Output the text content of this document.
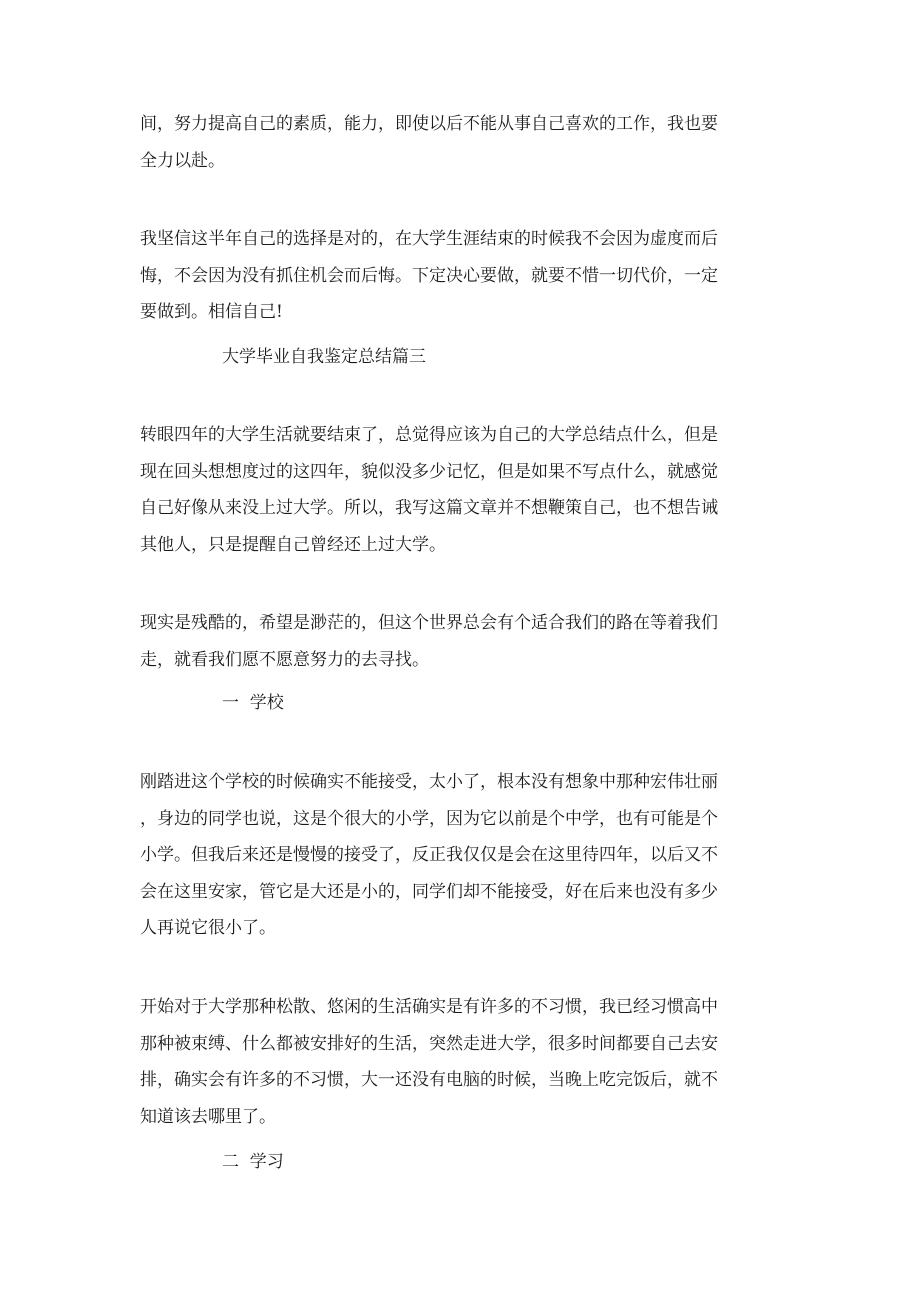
间，努力提高自己的素质，能力，即使以后不能从事自己喜欢的工作，我也要
全力以赴。

我坚信这半年自己的选择是对的，在大学生涯结束的时候我不会因为虚度而后
悔，不会因为没有抓住机会而后悔。下定决心要做，就要不惜一切代价，一定
要做到。相信自己!

大学毕业自我鉴定总结篇三

转眼四年的大学生活就要结束了，总觉得应该为自己的大学总结点什么，但是
现在回头想想度过的这四年，貌似没多少记忆，但是如果不写点什么，就感觉
自己好像从来没上过大学。所以，我写这篇文章并不想鞭策自己，也不想告诫
其他人，只是提醒自己曾经还上过大学。

现实是残酷的，希望是渺茫的，但这个世界总会有个适合我们的路在等着我们
走，就看我们愿不愿意努力的去寻找。

一  学校

刚踏进这个学校的时候确实不能接受，太小了，根本没有想象中那种宏伟壮丽
，身边的同学也说，这是个很大的小学，因为它以前是个中学，也有可能是个
小学。但我后来还是慢慢的接受了，反正我仅仅是会在这里待四年，以后又不
会在这里安家，管它是大还是小的，同学们却不能接受，好在后来也没有多少
人再说它很小了。

开始对于大学那种松散、悠闲的生活确实是有许多的不习惯，我已经习惯高中
那种被束缚、什么都被安排好的生活，突然走进大学，很多时间都要自己去安
排，确实会有许多的不习惯，大一还没有电脑的时候，当晚上吃完饭后，就不
知道该去哪里了。

二  学习
